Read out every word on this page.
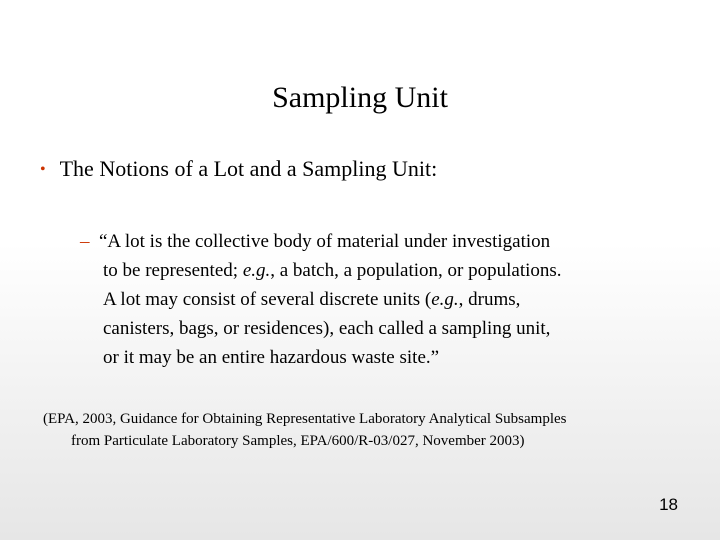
Sampling Unit
• The Notions of a Lot and a Sampling Unit:
– “A lot is the collective body of material under investigation
to be represented; e.g., a batch, a population, or populations.
A lot may consist of several discrete units (e.g., drums,
canisters, bags, or residences), each called a sampling unit,
or it may be an entire hazardous waste site.”
(EPA, 2003, Guidance for Obtaining Representative Laboratory Analytical Subsamples
from Particulate Laboratory Samples, EPA/600/R-03/027, November 2003)
18
